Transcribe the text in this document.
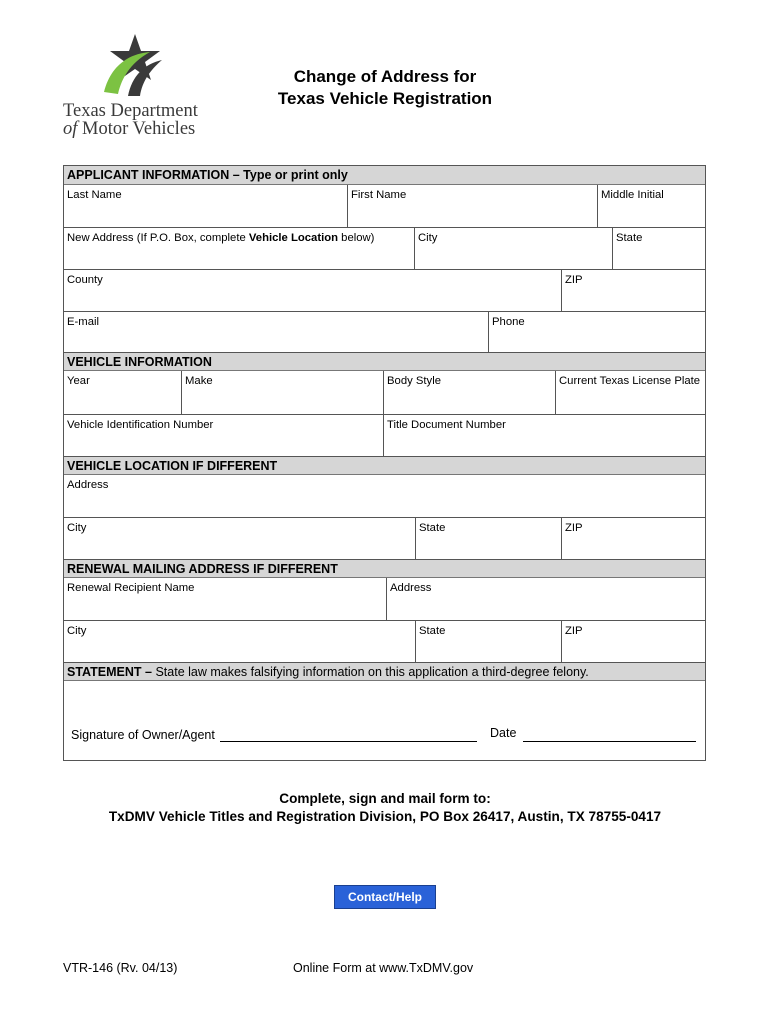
Texas Department
of Motor Vehicles
Change of Address for
Texas Vehicle Registration
APPLICANT INFORMATION – Type or print only
Last Name	First Name	Middle Initial
New Address (If P.O. Box, complete Vehicle Location below)	City	State
County	ZIP
E-mail	Phone
VEHICLE INFORMATION
Year	Make	Body Style	Current Texas License Plate
Vehicle Identification Number	Title Document Number
VEHICLE LOCATION IF DIFFERENT
Address
City	State	ZIP
RENEWAL MAILING ADDRESS IF DIFFERENT
Renewal Recipient Name	Address
City	State	ZIP
STATEMENT – State law makes falsifying information on this application a third-degree felony.
Signature of Owner/Agent	Date
Complete, sign and mail form to:
TxDMV Vehicle Titles and Registration Division, PO Box 26417, Austin, TX 78755-0417
Contact/Help
VTR-146 (Rv. 04/13)	Online Form at www.TxDMV.gov
